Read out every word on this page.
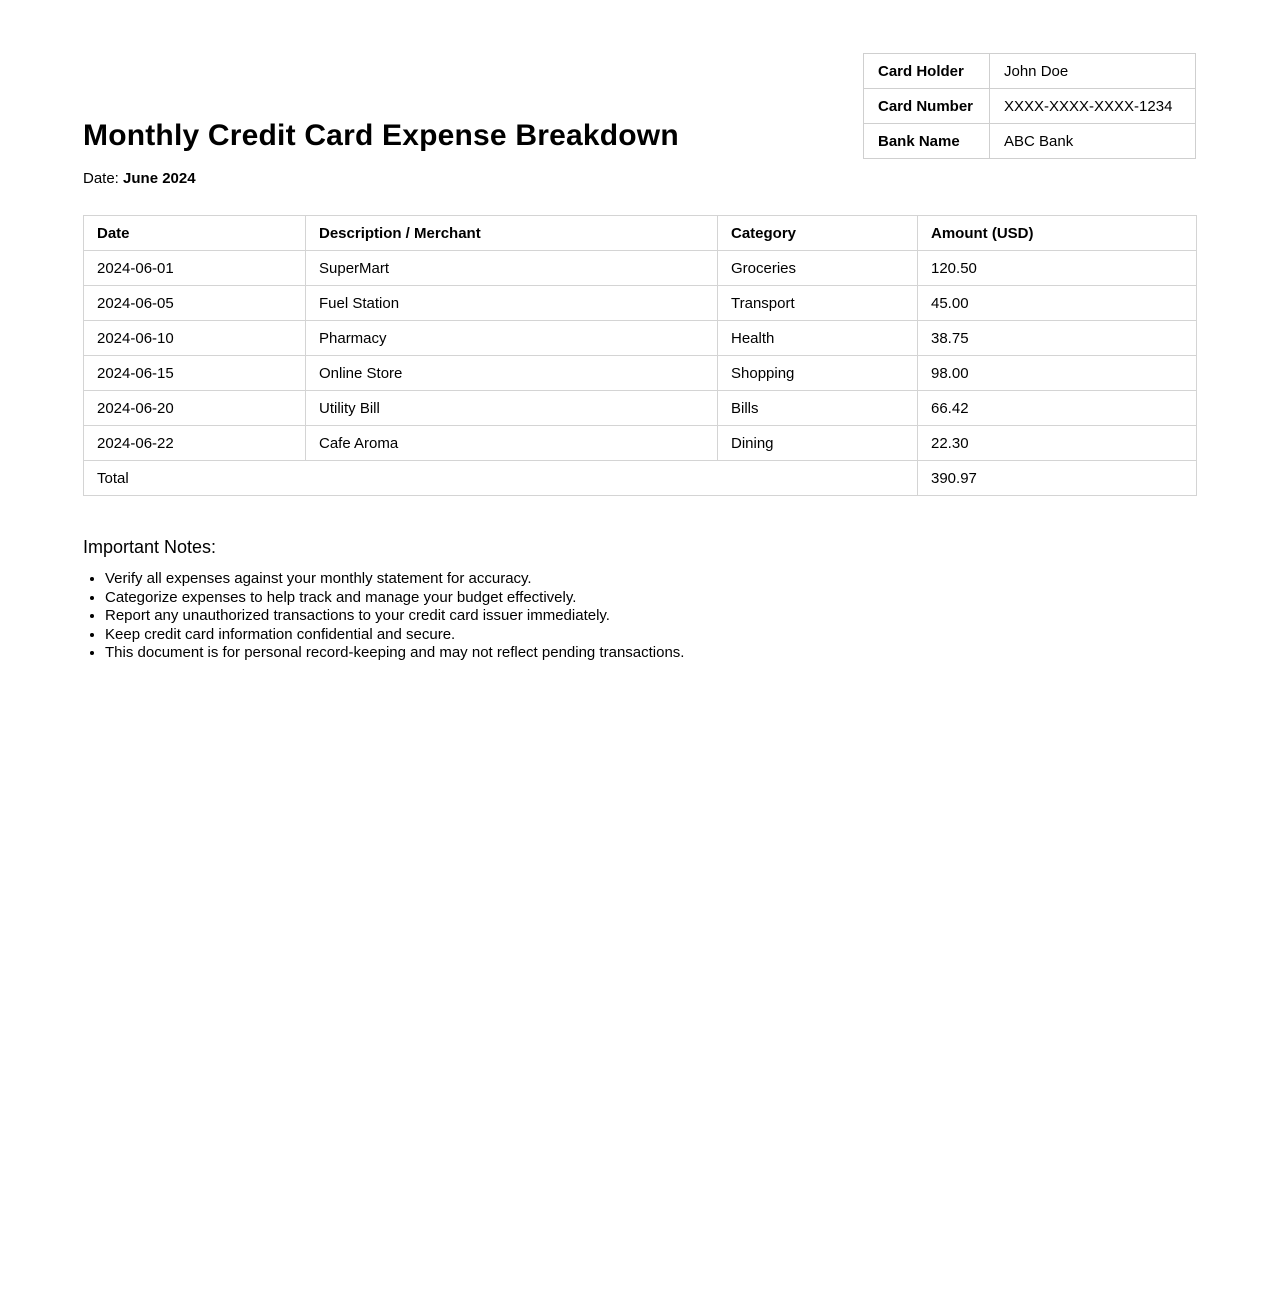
Card Holder	John Doe
Card Number	XXXX-XXXX-XXXX-1234
Bank Name	ABC Bank
Monthly Credit Card Expense Breakdown
Date: June 2024
Date	Description / Merchant	Category	Amount (USD)
2024-06-01	SuperMart	Groceries	120.50
2024-06-05	Fuel Station	Transport	45.00
2024-06-10	Pharmacy	Health	38.75
2024-06-15	Online Store	Shopping	98.00
2024-06-20	Utility Bill	Bills	66.42
2024-06-22	Cafe Aroma	Dining	22.30
Total			390.97
Important Notes:
• Verify all expenses against your monthly statement for accuracy.
• Categorize expenses to help track and manage your budget effectively.
• Report any unauthorized transactions to your credit card issuer immediately.
• Keep credit card information confidential and secure.
• This document is for personal record-keeping and may not reflect pending transactions.
